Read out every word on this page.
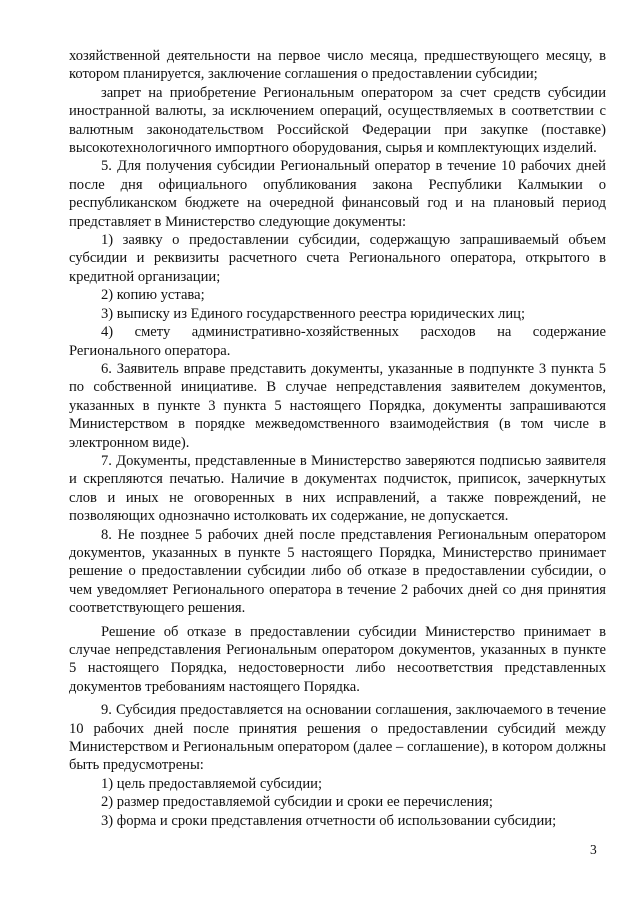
хозяйственной деятельности на первое число месяца, предшествующего месяцу, в котором планируется, заключение соглашения о предоставлении субсидии;

запрет на приобретение Региональным оператором за счет средств субсидии иностранной валюты, за исключением операций, осуществляемых в соответствии с валютным законодательством Российской Федерации при закупке (поставке) высокотехнологичного импортного оборудования, сырья и комплектующих изделий.

5. Для получения субсидии Региональный оператор в течение 10 рабочих дней после дня официального опубликования закона Республики Калмыкии о республиканском бюджете на очередной финансовый год и на плановый период представляет в Министерство следующие документы:

1) заявку о предоставлении субсидии, содержащую запрашиваемый объем субсидии и реквизиты расчетного счета Регионального оператора, открытого в кредитной организации;

2) копию устава;

3) выписку из Единого государственного реестра юридических лиц;

4) смету административно-хозяйственных расходов на содержание Регионального оператора.

6. Заявитель вправе представить документы, указанные в подпункте 3 пункта 5 по собственной инициативе. В случае непредставления заявителем документов, указанных в пункте 3 пункта 5 настоящего Порядка, документы запрашиваются Министерством в порядке межведомственного взаимодействия (в том числе в электронном виде).

7. Документы, представленные в Министерство заверяются подписью заявителя и скрепляются печатью. Наличие в документах подчисток, приписок, зачеркнутых слов и иных не оговоренных в них исправлений, а также повреждений, не позволяющих однозначно истолковать их содержание, не допускается.

8. Не позднее 5 рабочих дней после представления Региональным оператором документов, указанных в пункте 5 настоящего Порядка, Министерство принимает решение о предоставлении субсидии либо об отказе в предоставлении субсидии, о чем уведомляет Регионального оператора в течение 2 рабочих дней со дня принятия соответствующего решения.

Решение об отказе в предоставлении субсидии Министерство принимает в случае непредставления Региональным оператором документов, указанных в пункте 5 настоящего Порядка, недостоверности либо несоответствия представленных документов требованиям настоящего Порядка.

9. Субсидия предоставляется на основании соглашения, заключаемого в течение 10 рабочих дней после принятия решения о предоставлении субсидий между Министерством и Региональным оператором (далее – соглашение), в котором должны быть предусмотрены:

1) цель предоставляемой субсидии;

2) размер предоставляемой субсидии и сроки ее перечисления;

3) форма и сроки представления отчетности об использовании субсидии;

3
